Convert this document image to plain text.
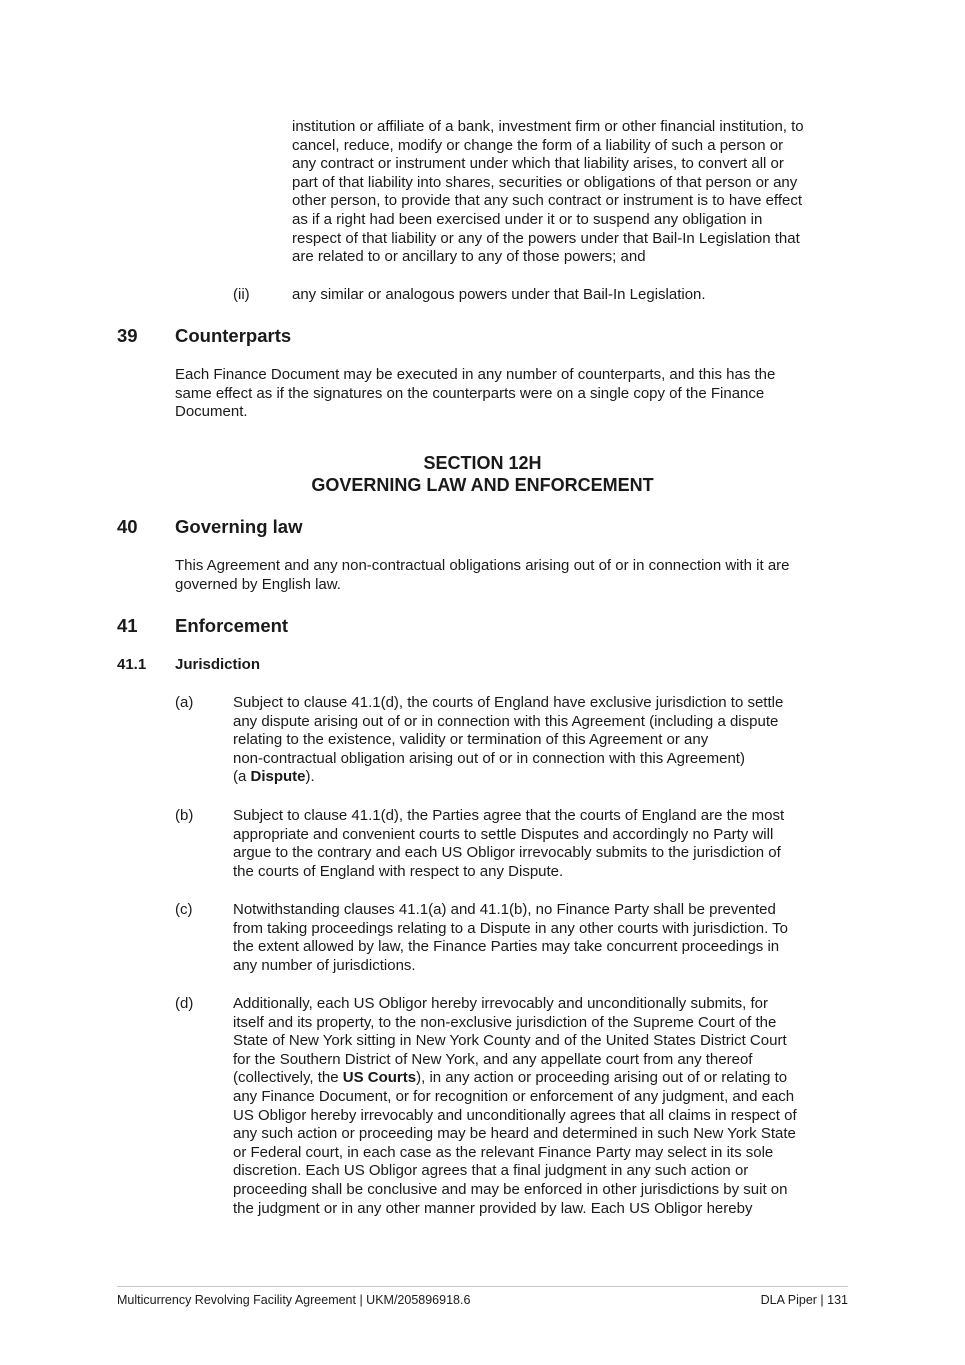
institution or affiliate of a bank, investment firm or other financial institution, to
cancel, reduce, modify or change the form of a liability of such a person or
any contract or instrument under which that liability arises, to convert all or
part of that liability into shares, securities or obligations of that person or any
other person, to provide that any such contract or instrument is to have effect
as if a right had been exercised under it or to suspend any obligation in
respect of that liability or any of the powers under that Bail-In Legislation that
are related to or ancillary to any of those powers; and

(ii)	any similar or analogous powers under that Bail-In Legislation.

39 Counterparts

Each Finance Document may be executed in any number of counterparts, and this has the
same effect as if the signatures on the counterparts were on a single copy of the Finance
Document.

SECTION 12H
GOVERNING LAW AND ENFORCEMENT
40 Governing law

This Agreement and any non-contractual obligations arising out of or in connection with it are
governed by English law.

41 Enforcement
41.1 Jurisdiction
(a)	Subject to clause 41.1(d), the courts of England have exclusive jurisdiction to settle
any dispute arising out of or in connection with this Agreement (including a dispute
relating to the existence, validity or termination of this Agreement or any
non-contractual obligation arising out of or in connection with this Agreement)
(a Dispute).

(b)	Subject to clause 41.1(d), the Parties agree that the courts of England are the most
appropriate and convenient courts to settle Disputes and accordingly no Party will
argue to the contrary and each US Obligor irrevocably submits to the jurisdiction of
the courts of England with respect to any Dispute.

(c)	Notwithstanding clauses 41.1(a) and 41.1(b), no Finance Party shall be prevented
from taking proceedings relating to a Dispute in any other courts with jurisdiction. To
the extent allowed by law, the Finance Parties may take concurrent proceedings in
any number of jurisdictions.

(d)	Additionally, each US Obligor hereby irrevocably and unconditionally submits, for
itself and its property, to the non-exclusive jurisdiction of the Supreme Court of the
State of New York sitting in New York County and of the United States District Court
for the Southern District of New York, and any appellate court from any thereof
(collectively, the US Courts), in any action or proceeding arising out of or relating to
any Finance Document, or for recognition or enforcement of any judgment, and each
US Obligor hereby irrevocably and unconditionally agrees that all claims in respect of
any such action or proceeding may be heard and determined in such New York State
or Federal court, in each case as the relevant Finance Party may select in its sole
discretion. Each US Obligor agrees that a final judgment in any such action or
proceeding shall be conclusive and may be enforced in other jurisdictions by suit on
the judgment or in any other manner provided by law. Each US Obligor hereby

Multicurrency Revolving Facility Agreement | UKM/205896918.6	DLA Piper | 131
